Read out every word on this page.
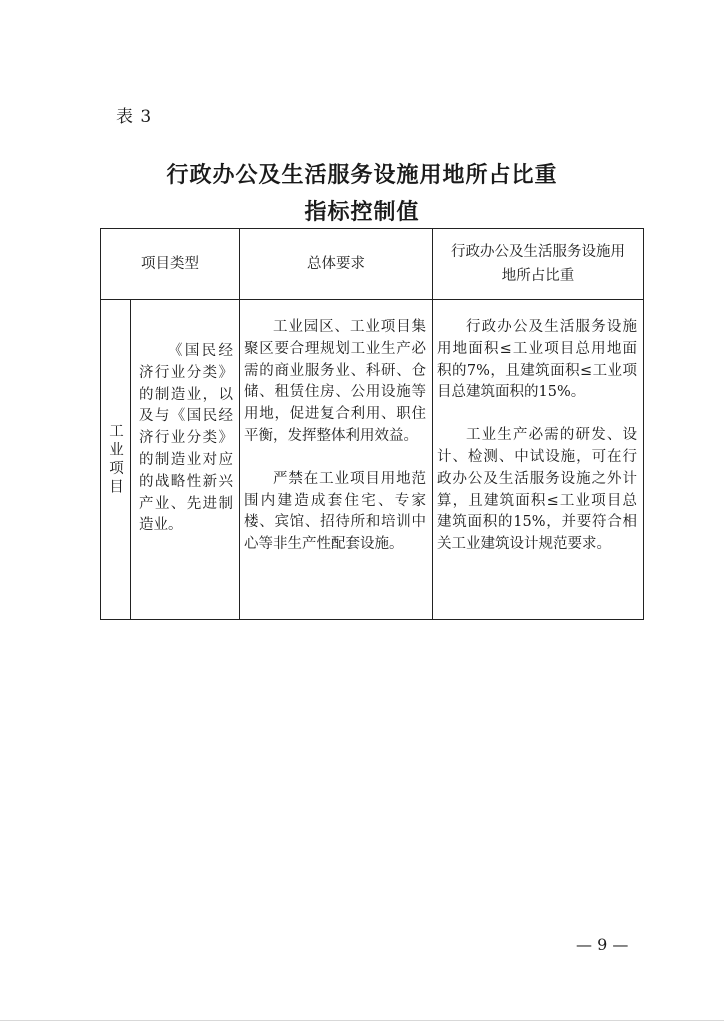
表 3
行政办公及生活服务设施用地所占比重
指标控制值
项目类型	总体要求
行政办公及生活服务设施用地所占比重
工业项目

《国民经济行业分类》的制造业，以及与《国民经济行业分类》的制造业对应的战略性新兴产业、先进制造业。

工业园区、工业项目集聚区要合理规划工业生产必需的商业服务业、科研、仓储、租赁住房、公用设施等用地，促进复合利用、职住平衡，发挥整体利用效益。

严禁在工业项目用地范围内建造成套住宅、专家楼、宾馆、招待所和培训中心等非生产性配套设施。

行政办公及生活服务设施用地面积≤工业项目总用地面积的7%，且建筑面积≤工业项目总建筑面积的15%。

工业生产必需的研发、设计、检测、中试设施，可在行政办公及生活服务设施之外计算，且建筑面积≤工业项目总建筑面积的15%，并要符合相关工业建筑设计规范要求。

— 9 —
